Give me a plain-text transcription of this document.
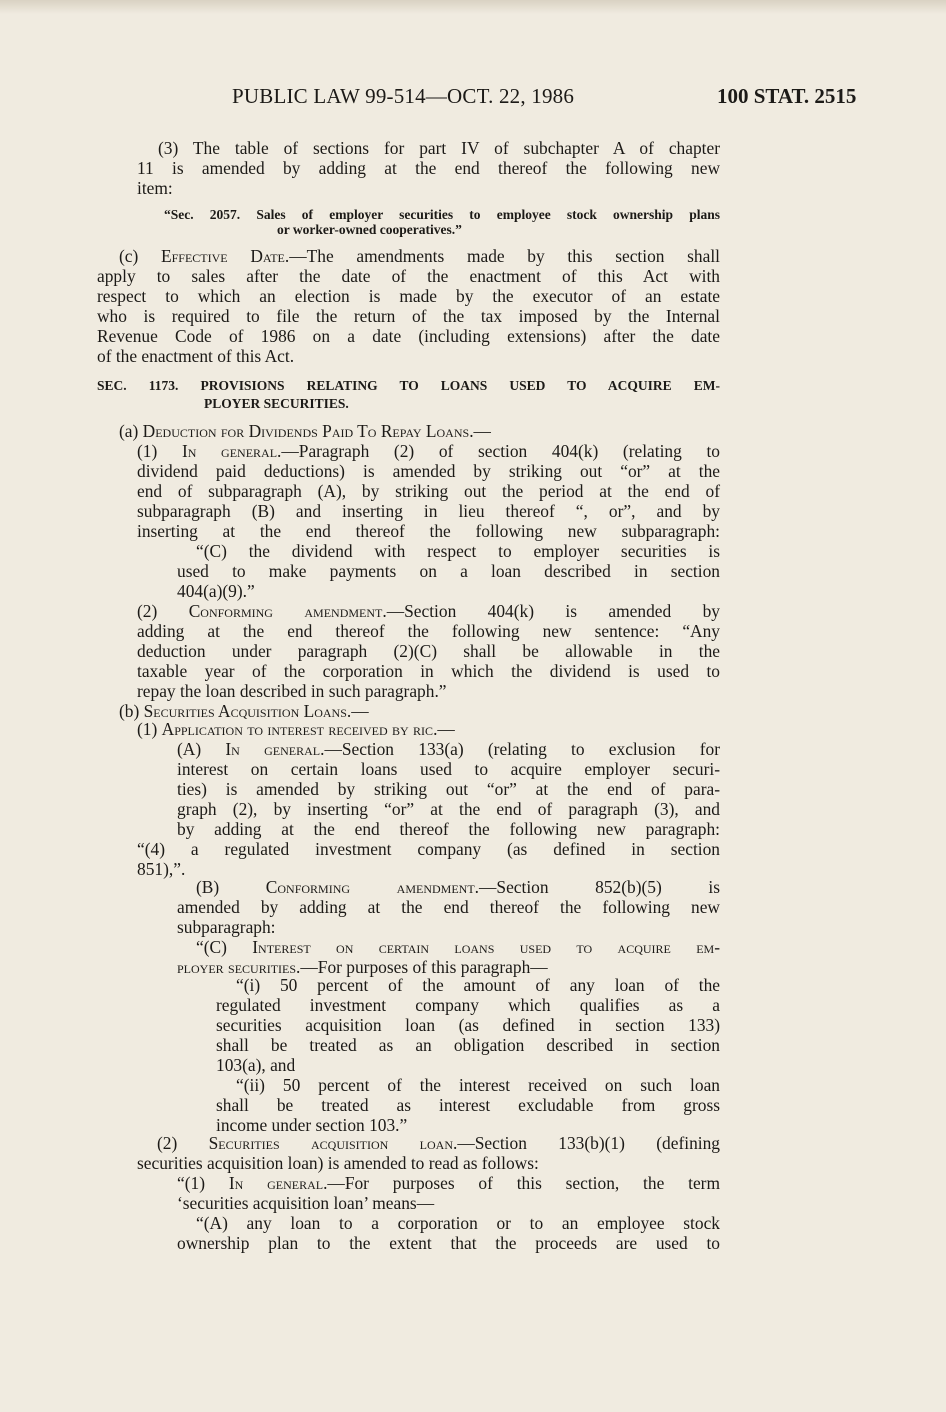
PUBLIC LAW 99-514—OCT. 22, 1986	100 STAT. 2515
(3) The table of sections for part IV of subchapter A of chapter
11 is amended by adding at the end thereof the following new
item:
“Sec. 2057. Sales of employer securities to employee stock ownership plans
or worker-owned cooperatives.”
(c) Effective Date.—The amendments made by this section shall
apply to sales after the date of the enactment of this Act with
respect to which an election is made by the executor of an estate
who is required to file the return of the tax imposed by the Internal
Revenue Code of 1986 on a date (including extensions) after the date
of the enactment of this Act.
SEC. 1173. PROVISIONS RELATING TO LOANS USED TO ACQUIRE EM-
PLOYER SECURITIES.
(a) Deduction for Dividends Paid To Repay Loans.—
(1) In general.—Paragraph (2) of section 404(k) (relating to
dividend paid deductions) is amended by striking out “or” at the
end of subparagraph (A), by striking out the period at the end of
subparagraph (B) and inserting in lieu thereof “, or”, and by
inserting at the end thereof the following new subparagraph:
“(C) the dividend with respect to employer securities is
used to make payments on a loan described in section
404(a)(9).”
(2) Conforming amendment.—Section 404(k) is amended by
adding at the end thereof the following new sentence: “Any
deduction under paragraph (2)(C) shall be allowable in the
taxable year of the corporation in which the dividend is used to
repay the loan described in such paragraph.”
(b) Securities Acquisition Loans.—
(1) Application to interest received by ric.—
(A) In general.—Section 133(a) (relating to exclusion for
interest on certain loans used to acquire employer securi-
ties) is amended by striking out “or” at the end of para-
graph (2), by inserting “or” at the end of paragraph (3), and
by adding at the end thereof the following new paragraph:
“(4) a regulated investment company (as defined in section
851),”.
(B) Conforming amendment.—Section 852(b)(5) is
amended by adding at the end thereof the following new
subparagraph:
“(C) Interest on certain loans used to acquire em-
ployer securities.—For purposes of this paragraph—
“(i) 50 percent of the amount of any loan of the
regulated investment company which qualifies as a
securities acquisition loan (as defined in section 133)
shall be treated as an obligation described in section
103(a), and
“(ii) 50 percent of the interest received on such loan
shall be treated as interest excludable from gross
income under section 103.”
(2) Securities acquisition loan.—Section 133(b)(1) (defining
securities acquisition loan) is amended to read as follows:
“(1) In general.—For purposes of this section, the term
‘securities acquisition loan’ means—
“(A) any loan to a corporation or to an employee stock
ownership plan to the extent that the proceeds are used to
